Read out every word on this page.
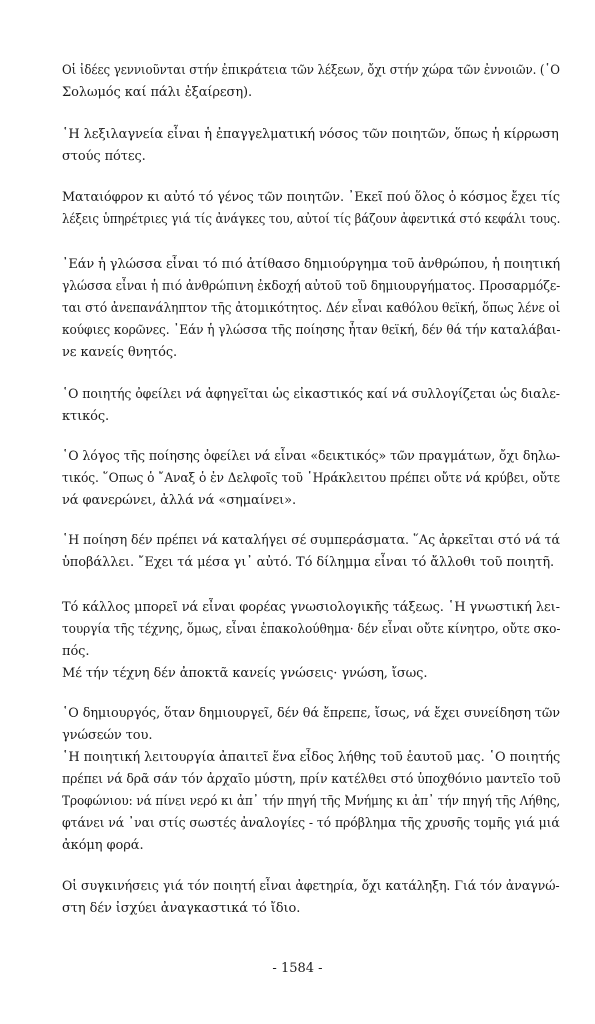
Οἱ ἰδέες γεννιοῦνται στήν ἐπικράτεια τῶν λέξεων, ὄχι στήν χώρα τῶν ἐννοιῶν. (῾Ο
Σολωμός καί πάλι ἐξαίρεση).
῾Η λεξιλαγνεία εἶναι ἡ ἐπαγγελματική νόσος τῶν ποιητῶν, ὅπως ἡ κίρρωση
στούς πότες.
Ματαιόφρον κι αὐτό τό γένος τῶν ποιητῶν. ᾿Εκεῖ πού ὅλος ὁ κόσμος ἔχει τίς
λέξεις ὑπηρέτριες γιά τίς ἀνάγκες του, αὐτοί τίς βάζουν ἀφεντικά στό κεφάλι τους.
᾿Εάν ἡ γλώσσα εἶναι τό πιό ἀτίθασο δημιούργημα τοῦ ἀνθρώπου, ἡ ποιητική
γλώσσα εἶναι ἡ πιό ἀνθρώπινη ἐκδοχή αὐτοῦ τοῦ δημιουργήματος. Προσαρμόζε-
ται στό ἀνεπανάληπτον τῆς ἀτομικότητος. Δέν εἶναι καθόλου θεϊκή, ὅπως λένε οἱ
κούφιες κορῶνες. ᾿Εάν ἡ γλώσσα τῆς ποίησης ἦταν θεϊκή, δέν θά τήν καταλάβαι-
νε κανείς θνητός.
῾Ο ποιητής ὀφείλει νά ἀφηγεῖται ὡς εἰκαστικός καί νά συλλογίζεται ὡς διαλε-
κτικός.
῾Ο λόγος τῆς ποίησης ὀφείλει νά εἶναι «δεικτικός» τῶν πραγμάτων, ὄχι δηλω-
τικός. ῞Οπως ὁ ῎Αναξ ὁ ἐν Δελφοῖς τοῦ ῾Ηράκλειτου πρέπει οὔτε νά κρύβει, οὔτε
νά φανερώνει, ἀλλά νά «σημαίνει».
῾Η ποίηση δέν πρέπει νά καταλήγει σέ συμπεράσματα. ῞Ας ἀρκεῖται στό νά τά
ὑποβάλλει. ῎Εχει τά μέσα γι᾿ αὐτό. Τό δίλημμα εἶναι τό ἄλλοθι τοῦ ποιητῆ.
Τό κάλλος μπορεῖ νά εἶναι φορέας γνωσιολογικῆς τάξεως. ῾Η γνωστική λει-
τουργία τῆς τέχνης, ὅμως, εἶναι ἐπακολούθημα· δέν εἶναι οὔτε κίνητρο, οὔτε σκο-
πός.
Μέ τήν τέχνη δέν ἀποκτᾶ κανείς γνώσεις· γνώση, ἴσως.
῾Ο δημιουργός, ὅταν δημιουργεῖ, δέν θά ἔπρεπε, ἴσως, νά ἔχει συνείδηση τῶν
γνώσεών του.
῾Η ποιητική λειτουργία ἀπαιτεῖ ἕνα εἶδος λήθης τοῦ ἑαυτοῦ μας. ῾Ο ποιητής
πρέπει νά δρᾶ σάν τόν ἀρχαῖο μύστη, πρίν κατέλθει στό ὑποχθόνιο μαντεῖο τοῦ
Τροφώνιου: νά πίνει νερό κι ἀπ᾿ τήν πηγή τῆς Μνήμης κι ἀπ᾿ τήν πηγή τῆς Λήθης,
φτάνει νά ᾿ναι στίς σωστές ἀναλογίες - τό πρόβλημα τῆς χρυσῆς τομῆς γιά μιά
ἀκόμη φορά.
Οἱ συγκινήσεις γιά τόν ποιητή εἶναι ἀφετηρία, ὄχι κατάληξη. Γιά τόν ἀναγνώ-
στη δέν ἰσχύει ἀναγκαστικά τό ἴδιο.
- 1584 -
